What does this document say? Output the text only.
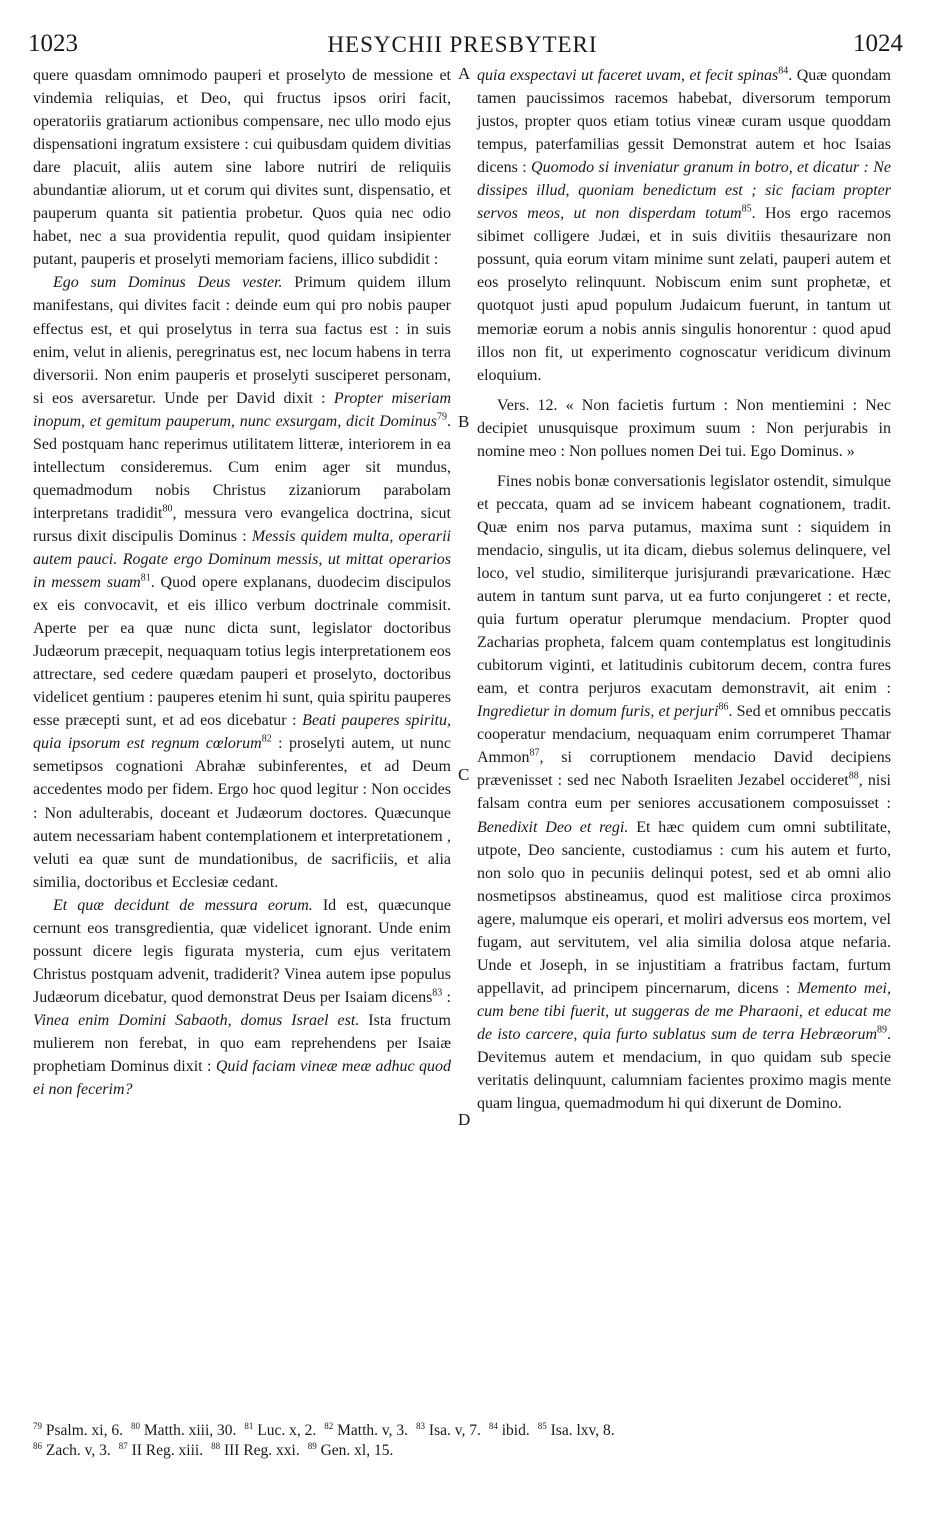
1023	HESYCHII PRESBYTERI	1024
A
B
C
D

quere quasdam omnimodo pauperi et proselyto de messione et vindemia reliquias, et Deo, qui fructus ipsos oriri facit, operatoriis gratiarum actionibus compensare, nec ullo modo ejus dispensationi ingratum exsistere : cui quibusdam quidem divitias dare placuit, aliis autem sine labore nutriri de reliquiis abundantiæ aliorum, ut et corum qui divites sunt, dispensatio, et pauperum quanta sit patientia probetur. Quos quia nec odio habet, nec a sua providentia repulit, quod quidam insipienter putant, pauperis et proselyti memoriam faciens, illico subdidit :

Ego sum Dominus Deus vester. Primum quidem illum manifestans, qui divites facit : deinde eum qui pro nobis pauper effectus est, et qui proselytus in terra sua factus est : in suis enim, velut in alienis, peregrinatus est, nec locum habens in terra diversorii. Non enim pauperis et proselyti susciperet personam, si eos aversaretur. Unde per David dixit : Propter miseriam inopum, et gemitum pauperum, nunc exsurgam, dicit Dominus$^{79}$. Sed postquam hanc reperimus utilitatem litteræ, interiorem in ea intellectum consideremus. Cum enim ager sit mundus, quemadmodum nobis Christus zizaniorum parabolam interpretans tradidit$^{80}$, messura vero evangelica doctrina, sicut rursus dixit discipulis Dominus : Messis quidem multa, operarii autem pauci. Rogate ergo Dominum messis, ut mittat operarios in messem suam$^{81}$. Quod opere explanans, duodecim discipulos ex eis convocavit, et eis illico verbum doctrinale commisit. Aperte per ea quæ nunc dicta sunt, legislator doctoribus Judæorum præcepit, nequaquam totius legis interpretationem eos attrectare, sed cedere quædam pauperi et proselyto, doctoribus videlicet gentium : pauperes etenim hi sunt, quia spiritu pauperes esse præcepti sunt, et ad eos dicebatur : Beati pauperes spiritu, quia ipsorum est regnum cœlorum$^{82}$ : proselyti autem, ut nunc semetipsos cognationi Abrahæ subinferentes, et ad Deum accedentes modo per fidem. Ergo hoc quod legitur : Non occides : Non adulterabis, doceant et Judæorum doctores. Quæcunque autem necessariam habent contemplationem et interpretationem , veluti ea quæ sunt de mundationibus, de sacrificiis, et alia similia, doctoribus et Ecclesiæ cedant.

Et quæ decidunt de messura eorum. Id est, quæcunque cernunt eos transgredientia, quæ videlicet ignorant. Unde enim possunt dicere legis figurata mysteria, cum ejus veritatem Christus postquam advenit, tradiderit? Vinea autem ipse populus Judæorum dicebatur, quod demonstrat Deus per Isaiam dicens$^{83}$ : Vinea enim Domini Sabaoth, domus Israel est. Ista fructum mulierem non ferebat, in quo eam reprehendens per Isaiæ prophetiam Dominus dixit : Quid faciam vineæ meæ adhuc quod ei non fecerim?

quia exspectavi ut faceret uvam, et fecit spinas$^{84}$. Quæ quondam tamen paucissimos racemos habebat, diversorum temporum justos, propter quos etiam totius vineæ curam usque quoddam tempus, paterfamilias gessit Demonstrat autem et hoc Isaias dicens : Quomodo si inveniatur granum in botro, et dicatur : Ne dissipes illud, quoniam benedictum est ; sic faciam propter servos meos, ut non disperdam totum$^{85}$. Hos ergo racemos sibimet colligere Judæi, et in suis divitiis thesaurizare non possunt, quia eorum vitam minime sunt zelati, pauperi autem et eos proselyto relinquunt. Nobiscum enim sunt prophetæ, et quotquot justi apud populum Judaicum fuerunt, in tantum ut memoriæ eorum a nobis annis singulis honorentur : quod apud illos non fit, ut experimento cognoscatur veridicum divinum eloquium.

Vers. 12. « Non facietis furtum : Non mentiemini : Nec decipiet unusquisque proximum suum : Non perjurabis in nomine meo : Non pollues nomen Dei tui. Ego Dominus. »

Fines nobis bonæ conversationis legislator ostendit, simulque et peccata, quam ad se invicem habeant cognationem, tradit. Quæ enim nos parva putamus, maxima sunt : siquidem in mendacio, singulis, ut ita dicam, diebus solemus delinquere, vel loco, vel studio, similiterque jurisjurandi prævaricatione. Hæc autem in tantum sunt parva, ut ea furto conjungeret : et recte, quia furtum operatur plerumque mendacium. Propter quod Zacharias propheta, falcem quam contemplatus est longitudinis cubitorum viginti, et latitudinis cubitorum decem, contra fures eam, et contra perjuros exacutam demonstravit, ait enim : Ingredietur in domum furis, et perjuri$^{86}$. Sed et omnibus peccatis cooperatur mendacium, nequaquam enim corrumperet Thamar Ammon$^{87}$, si corruptionem mendacio David decipiens prævenisset : sed nec Naboth Israeliten Jezabel occideret$^{88}$, nisi falsam contra eum per seniores accusationem composuisset : Benedixit Deo et regi. Et hæc quidem cum omni subtilitate, utpote, Deo sanciente, custodiamus : cum his autem et furto, non solo quo in pecuniis delinqui potest, sed et ab omni alio nosmetipsos abstineamus, quod est malitiose circa proximos agere, malumque eis operari, et moliri adversus eos mortem, vel fugam, aut servitutem, vel alia similia dolosa atque nefaria. Unde et Joseph, in se injustitiam a fratribus factam, furtum appellavit, ad principem pincernarum, dicens : Memento mei, cum bene tibi fuerit, ut suggeras de me Pharaoni, et educat me de isto carcere, quia furto sublatus sum de terra Hebræorum$^{89}$. Devitemus autem et mendacium, in quo quidam sub specie veritatis delinquunt, calumniam facientes proximo magis mente quam lingua, quemadmodum hi qui dixerunt de Domino.

$^{79}$ Psalm. xi, 6. $^{80}$ Matth. xiii, 30. $^{81}$ Luc. x, 2. $^{82}$ Matth. v, 3. $^{83}$ Isa. v, 7. $^{84}$ ibid. $^{85}$ Isa. lxv, 8.
$^{86}$ Zach. v, 3. $^{87}$ II Reg. xiii. $^{88}$ III Reg. xxi. $^{89}$ Gen. xl, 15.
